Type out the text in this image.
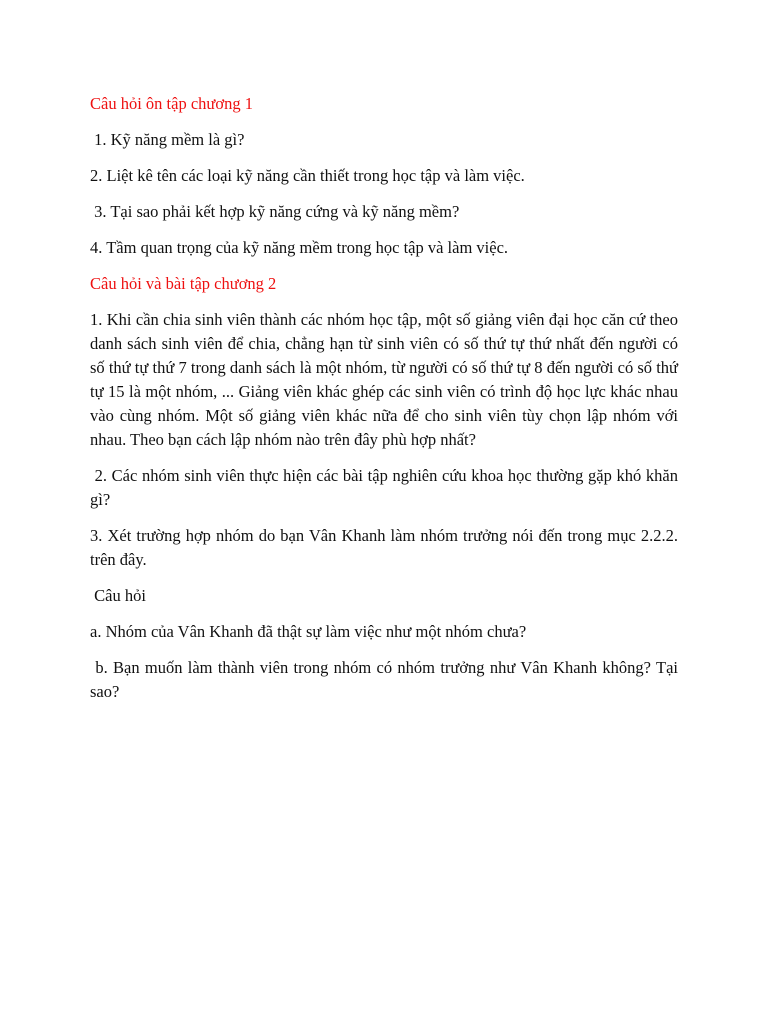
Câu hỏi ôn tập chương 1

1. Kỹ năng mềm là gì?

2. Liệt kê tên các loại kỹ năng cần thiết trong học tập và làm việc.

3. Tại sao phải kết hợp kỹ năng cứng và kỹ năng mềm?

4. Tầm quan trọng của kỹ năng mềm trong học tập và làm việc.

Câu hỏi và bài tập chương 2

1. Khi cần chia sinh viên thành các nhóm học tập, một số giảng viên đại học căn cứ theo danh sách sinh viên để chia, chẳng hạn từ sinh viên có số thứ tự thứ nhất đến người có số thứ tự thứ 7 trong danh sách là một nhóm, từ người có số thứ tự 8 đến người có số thứ tự 15 là một nhóm, ... Giảng viên khác ghép các sinh viên có trình độ học lực khác nhau vào cùng nhóm. Một số giảng viên khác nữa để cho sinh viên tùy chọn lập nhóm với nhau. Theo bạn cách lập nhóm nào trên đây phù hợp nhất?

2. Các nhóm sinh viên thực hiện các bài tập nghiên cứu khoa học thường gặp khó khăn gì?

3. Xét trường hợp nhóm do bạn Vân Khanh làm nhóm trưởng nói đến trong mục 2.2.2. trên đây.

Câu hỏi

a. Nhóm của Vân Khanh đã thật sự làm việc như một nhóm chưa?

b. Bạn muốn làm thành viên trong nhóm có nhóm trưởng như Vân Khanh không? Tại sao?
